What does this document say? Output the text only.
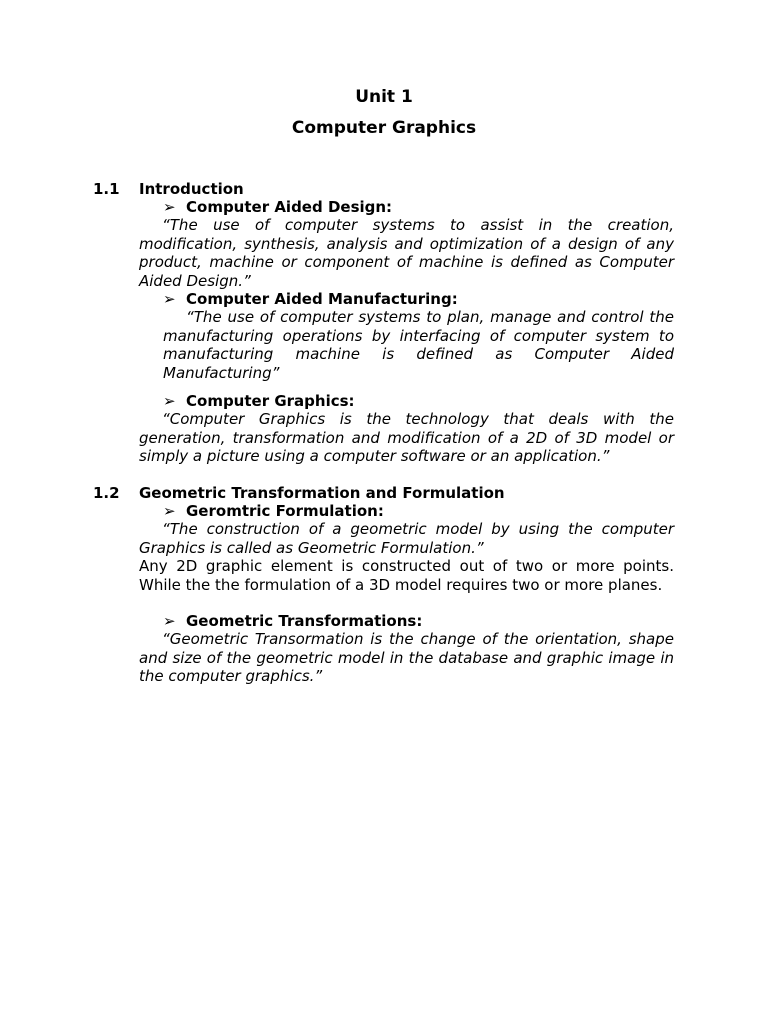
Unit 1
Computer Graphics
1.1 Introduction
➢ Computer Aided Design:
“The use of computer systems to assist in the creation, modification, synthesis, analysis and optimization of a design of any product, machine or component of machine is defined as Computer Aided Design.”
➢ Computer Aided Manufacturing:
“The use of computer systems to plan, manage and control the manufacturing operations by interfacing of computer system to manufacturing machine is defined as Computer Aided Manufacturing”
➢ Computer Graphics:
“Computer Graphics is the technology that deals with the generation, transformation and modification of a 2D of 3D model or simply a picture using a computer software or an application.”
1.2 Geometric Transformation and Formulation
➢ Geromtric Formulation:
“The construction of a geometric model by using the computer Graphics is called as Geometric Formulation.”
Any 2D graphic element is constructed out of two or more points. While the the formulation of a 3D model requires two or more planes.
➢ Geometric Transformations:
“Geometric Transormation is the change of the orientation, shape and size of the geometric model in the database and graphic image in the computer graphics.”
